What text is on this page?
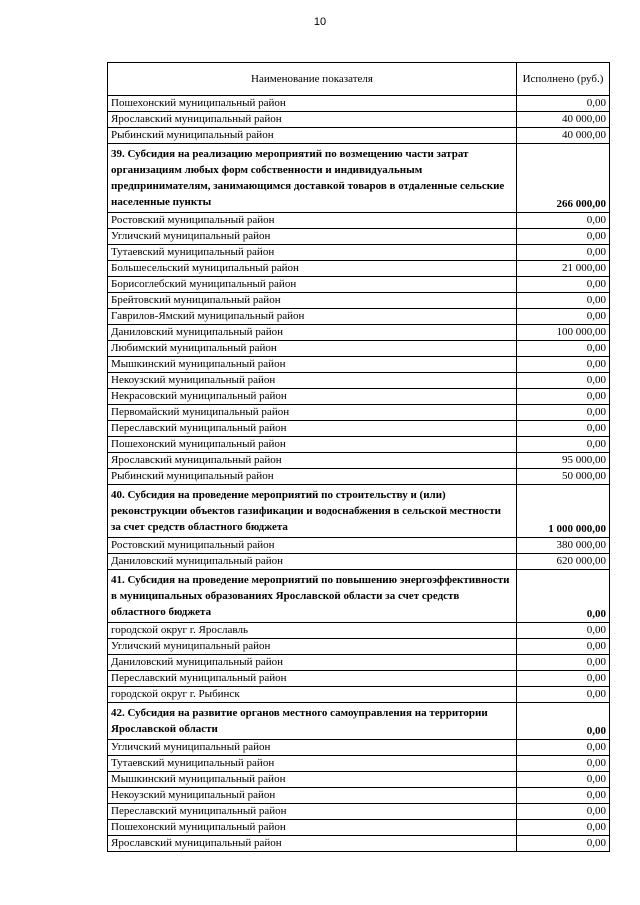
10
Наименование показателя	Исполнено (руб.)
Пошехонский муниципальный район	0,00
Ярославский муниципальный район	40 000,00
Рыбинский муниципальный район	40 000,00
39. Субсидия на реализацию мероприятий по возмещению части затрат организациям любых форм собственности и индивидуальным предпринимателям, занимающимся доставкой товаров в отдаленные сельские населенные пункты	266 000,00
Ростовский муниципальный район	0,00
Угличский муниципальный район	0,00
Тутаевский муниципальный район	0,00
Большесельский муниципальный район	21 000,00
Борисоглебский муниципальный район	0,00
Брейтовский муниципальный район	0,00
Гаврилов-Ямский муниципальный район	0,00
Даниловский муниципальный район	100 000,00
Любимский муниципальный район	0,00
Мышкинский муниципальный район	0,00
Некоузский муниципальный район	0,00
Некрасовский муниципальный район	0,00
Первомайский муниципальный район	0,00
Переславский муниципальный район	0,00
Пошехонский муниципальный район	0,00
Ярославский муниципальный район	95 000,00
Рыбинский муниципальный район	50 000,00
40. Субсидия на проведение мероприятий по строительству и (или) реконструкции объектов газификации и водоснабжения в сельской местности за счет средств областного бюджета	1 000 000,00
Ростовский муниципальный район	380 000,00
Даниловский муниципальный район	620 000,00
41. Субсидия на проведение мероприятий по повышению энергоэффективности в муниципальных образованиях Ярославской области за счет средств областного бюджета	0,00
городской округ г. Ярославль	0,00
Угличский муниципальный район	0,00
Даниловский муниципальный район	0,00
Переславский муниципальный район	0,00
городской округ г. Рыбинск	0,00
42. Субсидия на развитие органов местного самоуправления на территории Ярославской области	0,00
Угличский муниципальный район	0,00
Тутаевский муниципальный район	0,00
Мышкинский муниципальный район	0,00
Некоузский муниципальный район	0,00
Переславский муниципальный район	0,00
Пошехонский муниципальный район	0,00
Ярославский муниципальный район	0,00
